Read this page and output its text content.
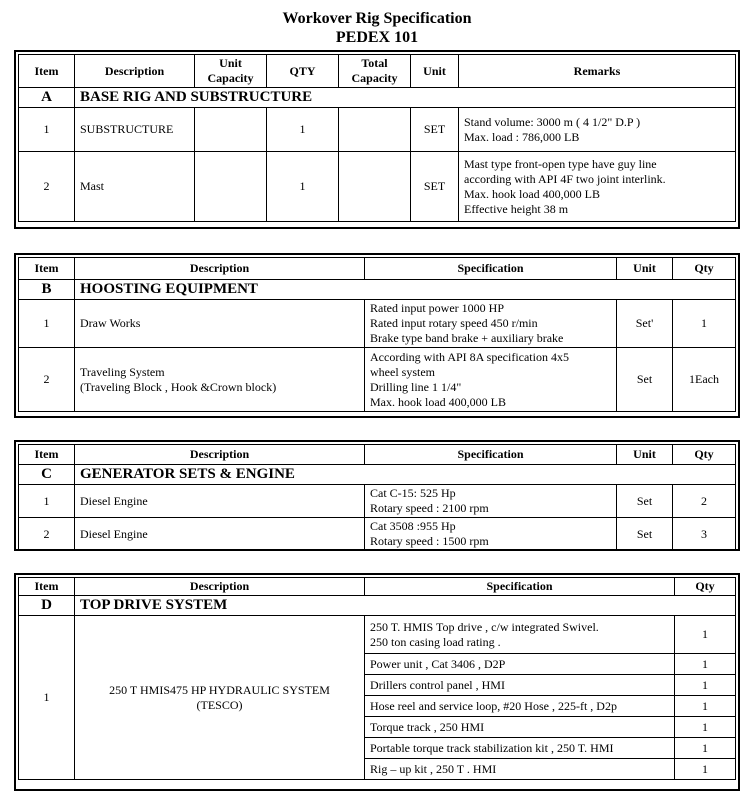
Workover Rig Specification
PEDEX 101
Item	Description	Unit Capacity	QTY	Total Capacity	Unit	Remarks
A	BASE RIG AND SUBSTRUCTURE					
1	SUBSTRUCTURE		1		SET	Stand volume: 3000 m ( 4 1/2" D.P )
Max. load : 786,000 LB
2	Mast		1		SET	Mast type front-open type have guy line
according with API 4F two joint interlink.
Max. hook load 400,000 LB
Effective height 38 m
Item	Description	Specification	Unit	Qty
B	HOOSTING EQUIPMENT			
1	Draw Works	Rated input power 1000 HP
Rated input rotary speed 450 r/min
Brake type band brake + auxiliary brake	Set'	1
2	Traveling System
(Traveling Block , Hook &Crown block)	According with API 8A specification 4x5
wheel system
Drilling line 1 1/4"
Max. hook load 400,000 LB	Set	1Each
Item	Description	Specification	Unit	Qty
C	GENERATOR SETS & ENGINE			
1	Diesel Engine	Cat C-15: 525 Hp
Rotary speed : 2100 rpm	Set	2
2	Diesel Engine	Cat 3508 :955 Hp
Rotary speed : 1500 rpm	Set	3
Item	Description	Specification	Qty
D	TOP DRIVE SYSTEM		
1	250 T HMIS475 HP HYDRAULIC SYSTEM
(TESCO)	250 T. HMIS Top drive , c/w integrated Swivel.
250 ton casing load rating .	1
		Power unit , Cat 3406 , D2P	1
		Drillers control panel , HMI	1
		Hose reel and service loop, #20 Hose , 225-ft , D2p	1
		Torque track , 250 HMI	1
		Portable torque track stabilization kit , 250 T. HMI	1
		Rig – up kit , 250 T . HMI	1
